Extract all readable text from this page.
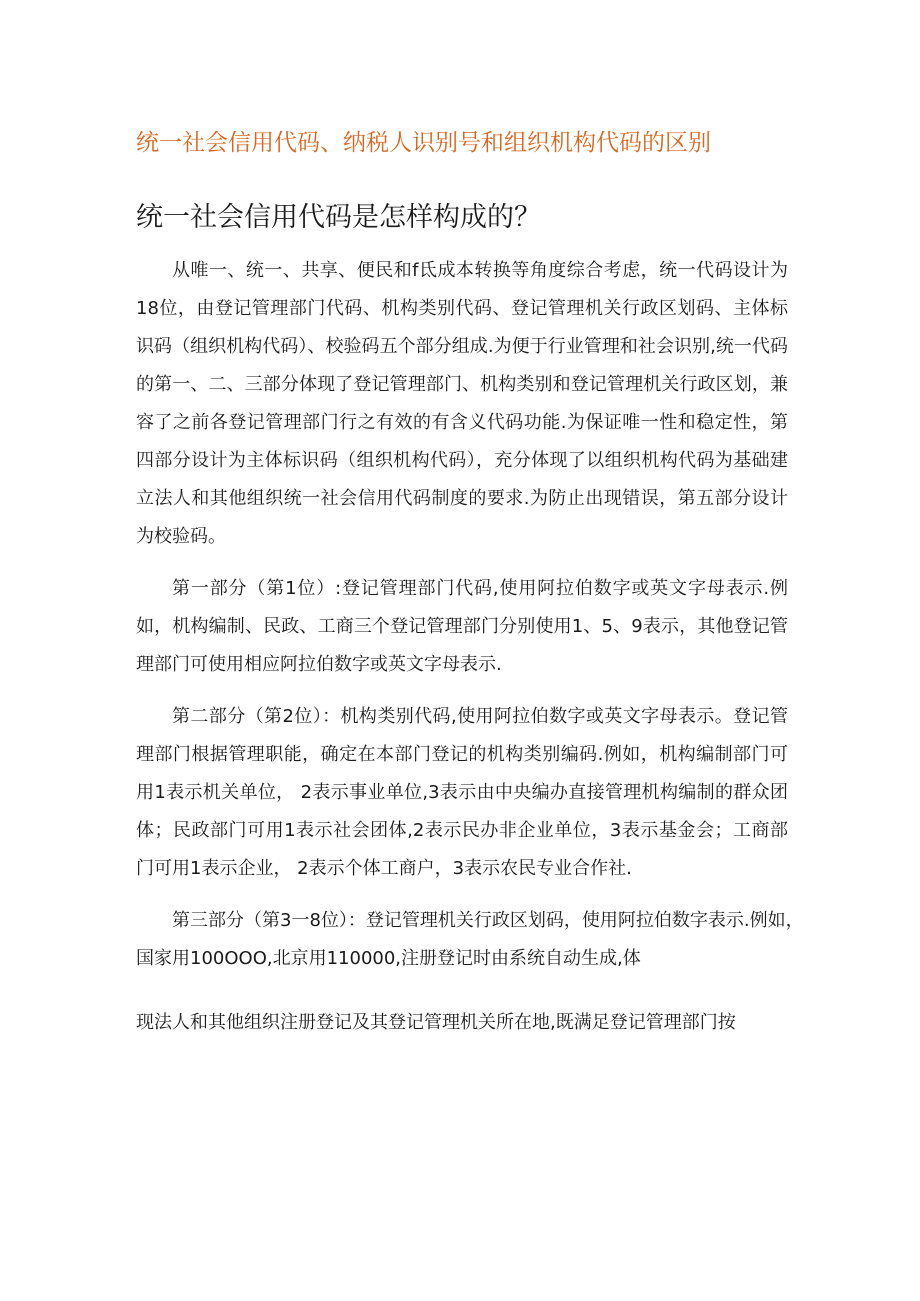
统一社会信用代码、纳税人识别号和组织机构代码的区别
统一社会信用代码是怎样构成的？

从唯一、统一、共享、便民和f氐成本转换等角度综合考虑，统一代码设计为18位，由登记管理部门代码、机构类别代码、登记管理机关行政区划码、主体标识码（组织机构代码）、校验码五个部分组成.为便于行业管理和社会识别,统一代码的第一、二、三部分体现了登记管理部门、机构类别和登记管理机关行政区划，兼容了之前各登记管理部门行之有效的有含义代码功能.为保证唯一性和稳定性，第四部分设计为主体标识码（组织机构代码），充分体现了以组织机构代码为基础建立法人和其他组织统一社会信用代码制度的要求.为防止出现错误，第五部分设计为校验码。

第一部分（第1位）:登记管理部门代码,使用阿拉伯数字或英文字母表示.例如，机构编制、民政、工商三个登记管理部门分别使用1、5、9表示，其他登记管理部门可使用相应阿拉伯数字或英文字母表示.

第二部分（第2位）：机构类别代码,使用阿拉伯数字或英文字母表示。登记管理部门根据管理职能，确定在本部门登记的机构类别编码.例如，机构编制部门可用1表示机关单位， 2表示事业单位,3表示由中央编办直接管理机构编制的群众团体；民政部门可用1表示社会团体,2表示民办非企业单位，3表示基金会；工商部门可用1表示企业， 2表示个体工商户，3表示农民专业合作社.

第三部分（第3一8位）：登记管理机关行政区划码，使用阿拉伯数字表示.例如，
国家用100OOO,北京用110000,注册登记时由系统自动生成,体
现法人和其他组织注册登记及其登记管理机关所在地,既满足登记管理部门按
